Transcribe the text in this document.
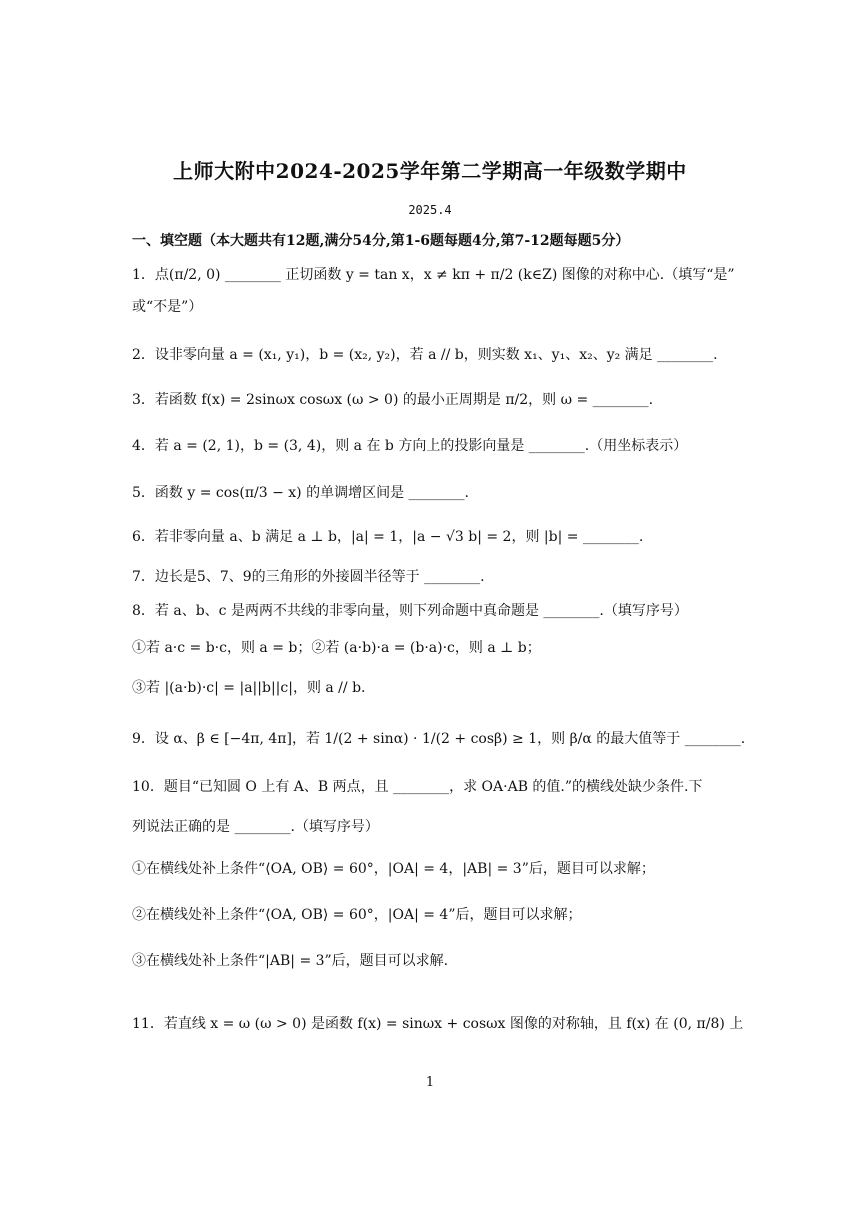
上师大附中2024-2025学年第二学期高一年级数学期中
2025.4
一、填空题（本大题共有12题,满分54分,第1-6题每题4分,第7-12题每题5分）
1．点(π/2, 0) ________ 正切函数 y = tan x，x ≠ kπ + π/2 (k∈Z) 图像的对称中心.（填写“是”
或“不是”）
2．设非零向量 a = (x₁, y₁)，b = (x₂, y₂)，若 a // b，则实数 x₁、y₁、x₂、y₂ 满足 ________.
3．若函数 f(x) = 2sinωx cosωx (ω > 0) 的最小正周期是 π/2，则 ω = ________.
4．若 a = (2, 1)，b = (3, 4)，则 a 在 b 方向上的投影向量是 ________.（用坐标表示）
5．函数 y = cos(π/3 − x) 的单调增区间是 ________.
6．若非零向量 a、b 满足 a ⊥ b，|a| = 1，|a − √3 b| = 2，则 |b| = ________.
7．边长是5、7、9的三角形的外接圆半径等于 ________.
8．若 a、b、c 是两两不共线的非零向量，则下列命题中真命题是 ________.（填写序号）
①若 a·c = b·c，则 a = b；②若 (a·b)·a = (b·a)·c，则 a ⊥ b；
③若 |(a·b)·c| = |a||b||c|，则 a // b.
9．设 α、β ∈ [−4π, 4π]，若 1/(2 + sinα) · 1/(2 + cosβ) ≥ 1，则 β/α 的最大值等于 ________.
10．题目“已知圆 O 上有 A、B 两点，且 ________，求 OA·AB 的值.”的横线处缺少条件.下
列说法正确的是 ________.（填写序号）
①在横线处补上条件“⟨OA, OB⟩ = 60°，|OA| = 4，|AB| = 3”后，题目可以求解；
②在横线处补上条件“⟨OA, OB⟩ = 60°，|OA| = 4”后，题目可以求解；
③在横线处补上条件“|AB| = 3”后，题目可以求解.
11．若直线 x = ω (ω > 0) 是函数 f(x) = sinωx + cosωx 图像的对称轴，且 f(x) 在 (0, π/8) 上
1
